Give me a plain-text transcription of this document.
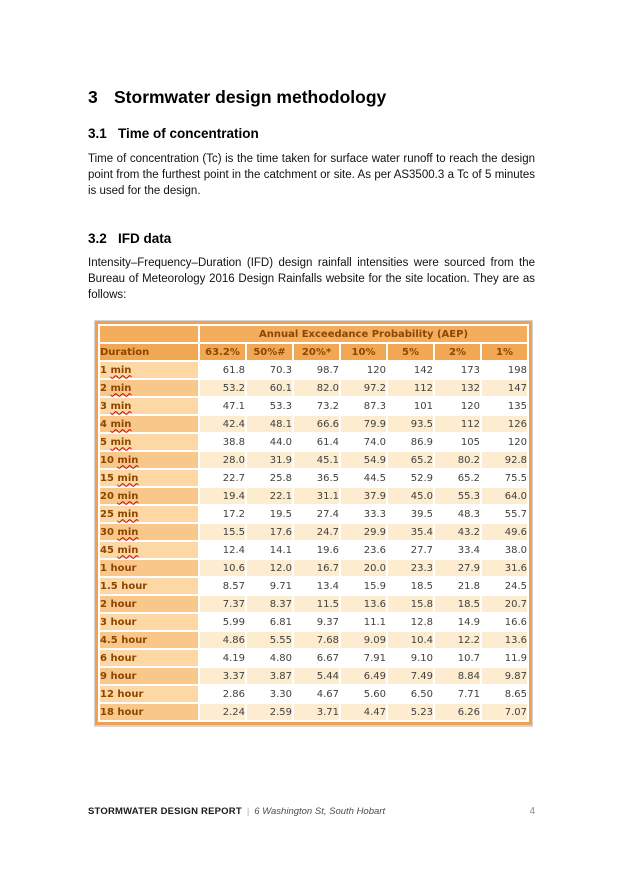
3 Stormwater design methodology
3.1 Time of concentration

Time of concentration (Tc) is the time taken for surface water runoff to reach the design point from the furthest point in the catchment or site. As per AS3500.3 a Tc of 5 minutes is used for the design.

3.2 IFD data

Intensity–Frequency–Duration (IFD) design rainfall intensities were sourced from the Bureau of Meteorology 2016 Design Rainfalls website for the site location. They are as follows:

	Annual Exceedance Probability (AEP)						
Duration	63.2%	50%#	20%*	10%	5%	2%	1%
1 min	61.8	70.3	98.7	120	142	173	198
2 min	53.2	60.1	82.0	97.2	112	132	147
3 min	47.1	53.3	73.2	87.3	101	120	135
4 min	42.4	48.1	66.6	79.9	93.5	112	126
5 min	38.8	44.0	61.4	74.0	86.9	105	120
10 min	28.0	31.9	45.1	54.9	65.2	80.2	92.8
15 min	22.7	25.8	36.5	44.5	52.9	65.2	75.5
20 min	19.4	22.1	31.1	37.9	45.0	55.3	64.0
25 min	17.2	19.5	27.4	33.3	39.5	48.3	55.7
30 min	15.5	17.6	24.7	29.9	35.4	43.2	49.6
45 min	12.4	14.1	19.6	23.6	27.7	33.4	38.0
1 hour	10.6	12.0	16.7	20.0	23.3	27.9	31.6
1.5 hour	8.57	9.71	13.4	15.9	18.5	21.8	24.5
2 hour	7.37	8.37	11.5	13.6	15.8	18.5	20.7
3 hour	5.99	6.81	9.37	11.1	12.8	14.9	16.6
4.5 hour	4.86	5.55	7.68	9.09	10.4	12.2	13.6
6 hour	4.19	4.80	6.67	7.91	9.10	10.7	11.9
9 hour	3.37	3.87	5.44	6.49	7.49	8.84	9.87
12 hour	2.86	3.30	4.67	5.60	6.50	7.71	8.65
18 hour	2.24	2.59	3.71	4.47	5.23	6.26	7.07
STORMWATER DESIGN REPORT | 6 Washington St, South Hobart	4
